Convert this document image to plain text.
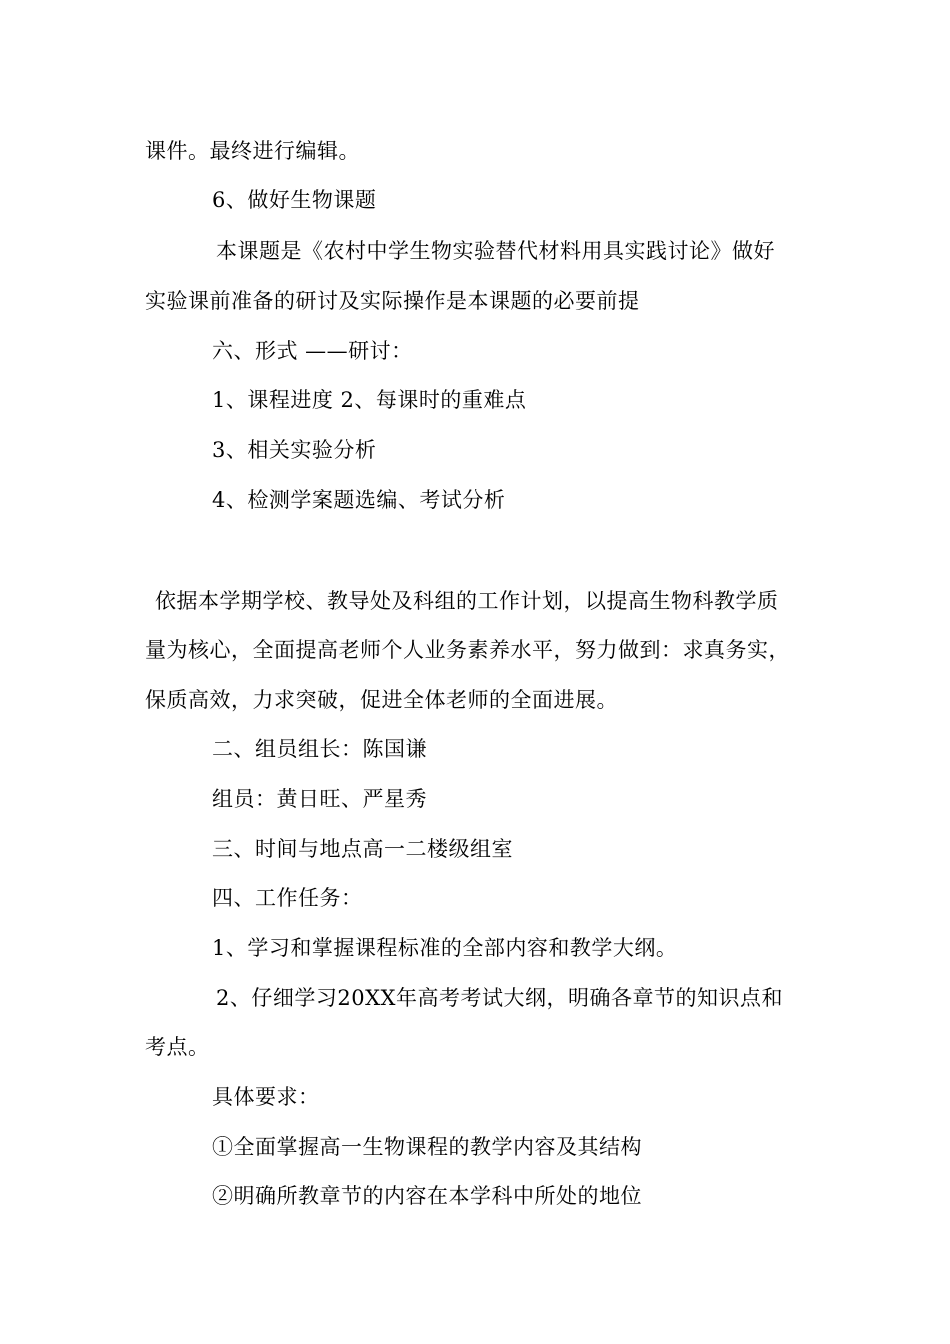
课件。最终进行编辑。
6、做好生物课题
本课题是《农村中学生物实验替代材料用具实践讨论》做好
实验课前准备的研讨及实际操作是本课题的必要前提
六、形式 ——研讨：
1、课程进度 2、每课时的重难点
3、相关实验分析
4、检测学案题选编、考试分析
依据本学期学校、教导处及科组的工作计划，以提高生物科教学质
量为核心，全面提高老师个人业务素养水平，努力做到：求真务实，
保质高效，力求突破，促进全体老师的全面进展。
二、组员组长：陈国谦
组员：黄日旺、严星秀
三、时间与地点高一二楼级组室
四、工作任务：
1、学习和掌握课程标准的全部内容和教学大纲。
2、仔细学习20XX年高考考试大纲，明确各章节的知识点和
考点。
具体要求：
①全面掌握高一生物课程的教学内容及其结构
②明确所教章节的内容在本学科中所处的地位
